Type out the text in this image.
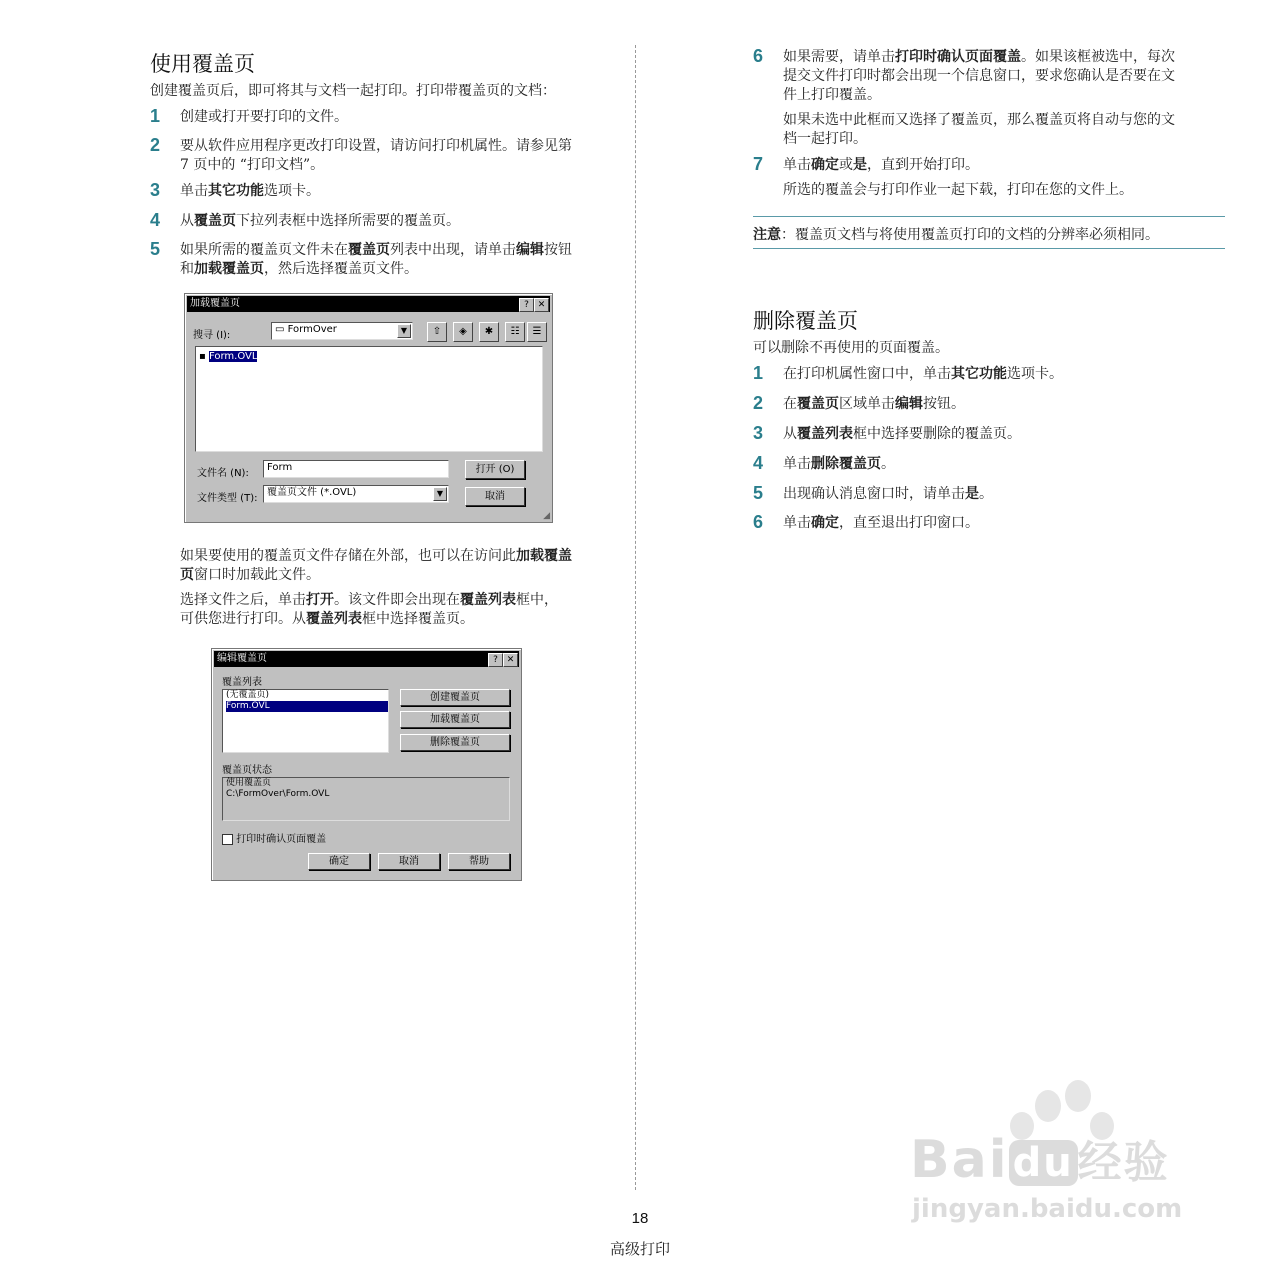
使用覆盖页
创建覆盖页后，即可将其与文档一起打印。打印带覆盖页的文档：
1 创建或打开要打印的文件。
2 要从软件应用程序更改打印设置，请访问打印机属性。请参见第
7 页中的 “打印文档”。
3 单击其它功能选项卡。
4 从覆盖页下拉列表框中选择所需要的覆盖页。
5 如果所需的覆盖页文件未在覆盖页列表中出现，请单击编辑按钮
和加载覆盖页，然后选择覆盖页文件。
加载覆盖页	? ✕
搜寻 (I):
▭ FormOver	▼	⇧	◈	✱	☷	☰
▪ Form.OVL
文件名 (N):
Form
文件类型 (T):
覆盖页文件 (*.OVL)	▼
打开 (O)
取消
◢
如果要使用的覆盖页文件存储在外部，也可以在访问此加载覆盖
页窗口时加载此文件。
选择文件之后，单击打开。该文件即会出现在覆盖列表框中，
可供您进行打印。从覆盖列表框中选择覆盖页。
编辑覆盖页	? ✕
覆盖列表
(无覆盖页)
Form.OVL
创建覆盖页
加载覆盖页
删除覆盖页
覆盖页状态
使用覆盖页
C:\FormOver\Form.OVL
打印时确认页面覆盖
确定	取消	帮助
6 如果需要，请单击打印时确认页面覆盖。如果该框被选中，每次
提交文件打印时都会出现一个信息窗口，要求您确认是否要在文
件上打印覆盖。
如果未选中此框而又选择了覆盖页，那么覆盖页将自动与您的文
档一起打印。
7 单击确定或是，直到开始打印。
所选的覆盖会与打印作业一起下载，打印在您的文件上。
注意：覆盖页文档与将使用覆盖页打印的文档的分辨率必须相同。
删除覆盖页
可以删除不再使用的页面覆盖。
1 在打印机属性窗口中，单击其它功能选项卡。
2 在覆盖页区域单击编辑按钮。
3 从覆盖列表框中选择要删除的覆盖页。
4 单击删除覆盖页。
5 出现确认消息窗口时，请单击是。
6 单击确定，直至退出打印窗口。
Bai du经验
jingyan.baidu.com
18
高级打印
